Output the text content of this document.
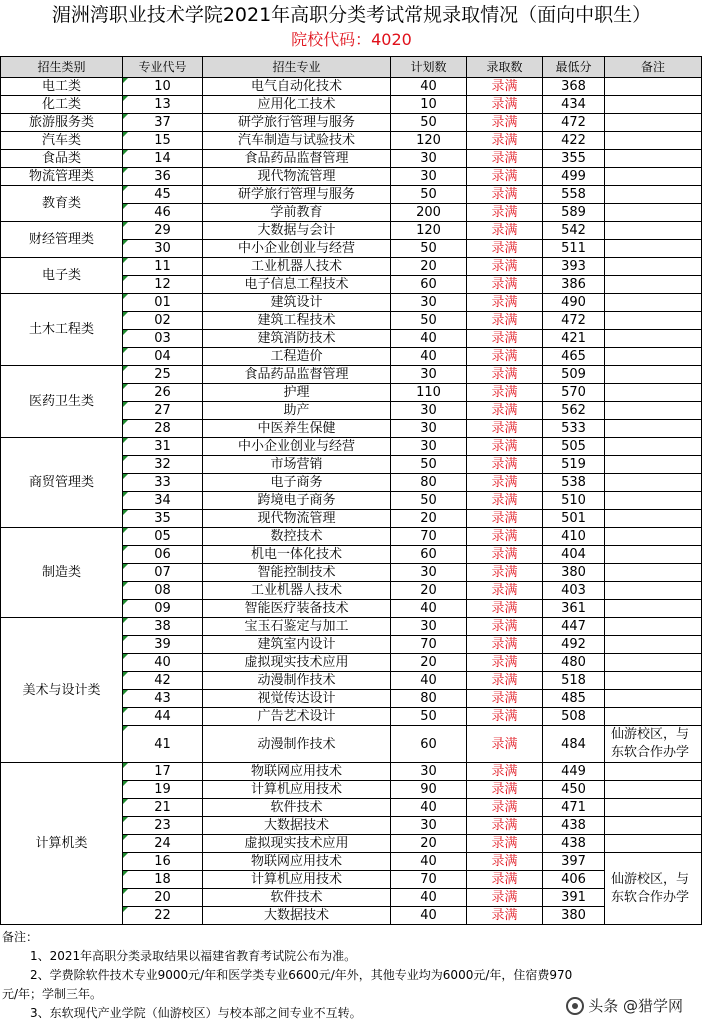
湄洲湾职业技术学院2021年高职分类考试常规录取情况（面向中职生）
院校代码：4020
招生类别	专业代号	招生专业	计划数	录取数	最低分	备注
电工类	10	电气自动化技术	40	录满	368	
化工类	13	应用化工技术	10	录满	434	
旅游服务类	37	研学旅行管理与服务	50	录满	472	
汽车类	15	汽车制造与试验技术	120	录满	422	
食品类	14	食品药品监督管理	30	录满	355	
物流管理类	36	现代物流管理	30	录满	499	
教育类	45	研学旅行管理与服务	50	录满	558	
	46	学前教育	200	录满	589	
财经管理类	29	大数据与会计	120	录满	542	
	30	中小企业创业与经营	50	录满	511	
电子类	11	工业机器人技术	20	录满	393	
	12	电子信息工程技术	60	录满	386	
土木工程类	01	建筑设计	30	录满	490	
	02	建筑工程技术	50	录满	472	
	03	建筑消防技术	40	录满	421	
	04	工程造价	40	录满	465	
医药卫生类	25	食品药品监督管理	30	录满	509	
	26	护理	110	录满	570	
	27	助产	30	录满	562	
	28	中医养生保健	30	录满	533	
商贸管理类	31	中小企业创业与经营	30	录满	505	
	32	市场营销	50	录满	519	
	33	电子商务	80	录满	538	
	34	跨境电子商务	50	录满	510	
	35	现代物流管理	20	录满	501	
制造类	05	数控技术	70	录满	410	
	06	机电一体化技术	60	录满	404	
	07	智能控制技术	30	录满	380	
	08	工业机器人技术	20	录满	403	
	09	智能医疗装备技术	40	录满	361	
美术与设计类	38	宝玉石鉴定与加工	30	录满	447	
	39	建筑室内设计	70	录满	492	
	40	虚拟现实技术应用	20	录满	480	
	42	动漫制作技术	40	录满	518	
	43	视觉传达设计	80	录满	485	
	44	广告艺术设计	50	录满	508	
	41	动漫制作技术	60	录满	484	仙游校区，与东软合作办学
计算机类	17	物联网应用技术	30	录满	449	
	19	计算机应用技术	90	录满	450	
	21	软件技术	40	录满	471	
	23	大数据技术	30	录满	438	
	24	虚拟现实技术应用	20	录满	438	
	16	物联网应用技术	40	录满	397	仙游校区，与东软合作办学
	18	计算机应用技术	70	录满	406	
	20	软件技术	40	录满	391	
	22	大数据技术	40	录满	380	
备注：
1、2021年高职分类录取结果以福建省教育考试院公布为准。
2、学费除软件技术专业9000元/年和医学类专业6600元/年外，其他专业均为6000元/年，住宿费970
元/年；学制三年。
3、东软现代产业学院（仙游校区）与校本部之间专业不互转。	头条 @猎学网
